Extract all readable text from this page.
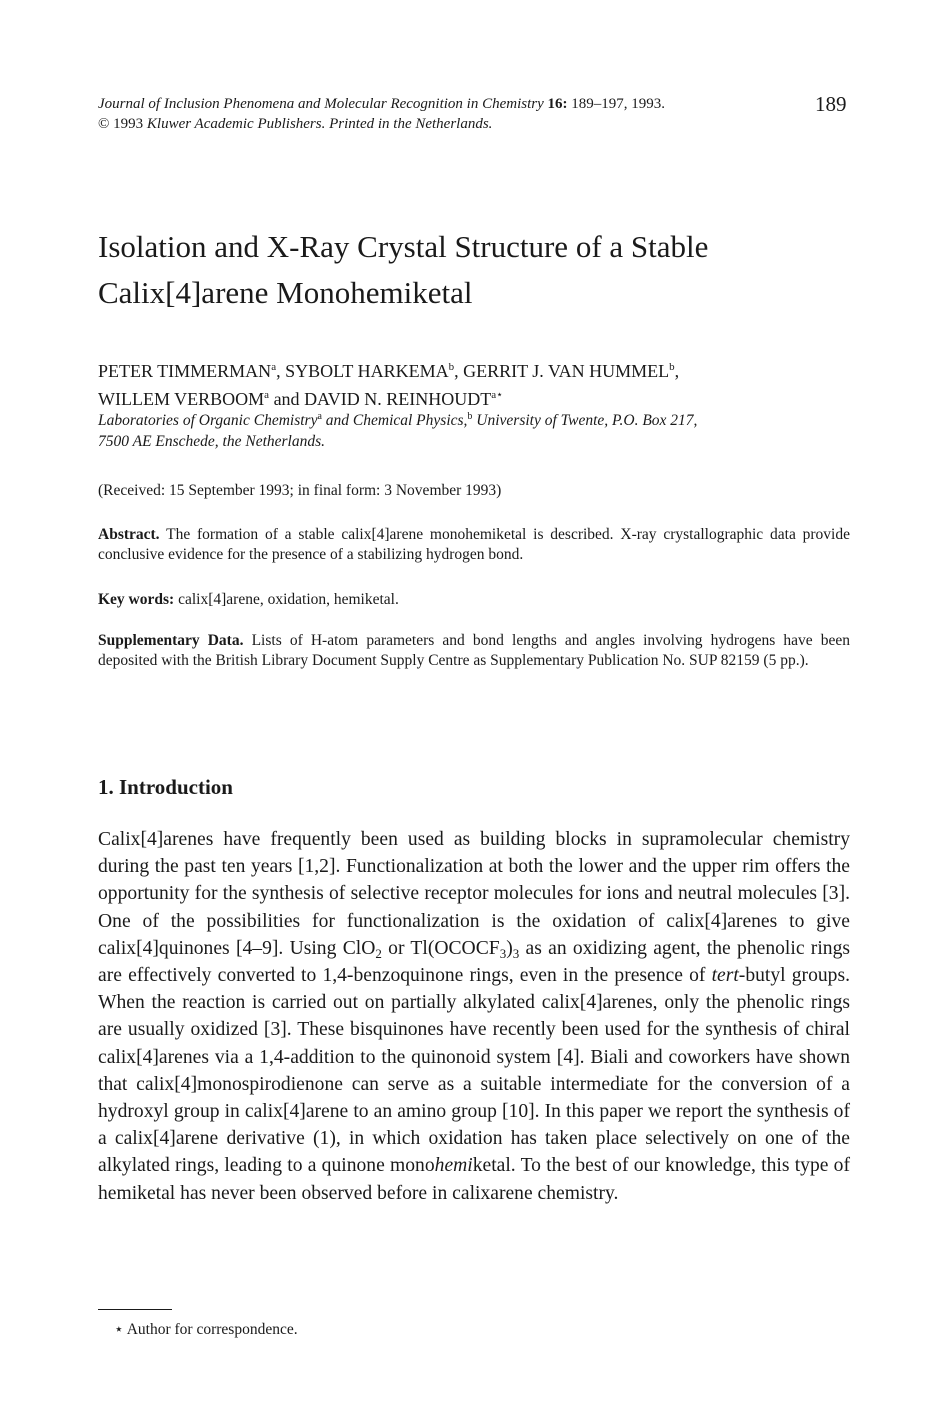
Journal of Inclusion Phenomena and Molecular Recognition in Chemistry 16: 189–197, 1993.
© 1993 Kluwer Academic Publishers. Printed in the Netherlands.
189
Isolation and X-Ray Crystal Structure of a Stable
Calix[4]arene Monohemiketal
PETER TIMMERMAN$^a$, SYBOLT HARKEMA$^b$, GERRIT J. VAN HUMMEL$^b$,
WILLEM VERBOOM$^a$ and DAVID N. $REINHOUDT^{a⋆}$
Laboratories of Organic Chemistry$^a$ and Chemical Physics,$^b$ University of Twente, P.O. Box 217,
7500 AE Enschede, the Netherlands.
(Received: 15 September 1993; in final form: 3 November 1993)
Abstract. The formation of a stable calix[4]arene monohemiketal is described. X-ray crystallographic data provide conclusive evidence for the presence of a stabilizing hydrogen bond.
Key words: calix[4]arene, oxidation, hemiketal.
Supplementary Data. Lists of H-atom parameters and bond lengths and angles involving hydrogens have been deposited with the British Library Document Supply Centre as Supplementary Publication No. SUP 82159 (5 pp.).
1. Introduction
Calix[4]arenes have frequently been used as building blocks in supramolecular chemistry during the past ten years [1,2]. Functionalization at both the lower and the upper rim offers the opportunity for the synthesis of selective receptor molecules for ions and neutral molecules [3]. One of the possibilities for functionalization is the oxidation of calix[4]arenes to give calix[4]quinones [4–9]. Using ClO$_2$ or $Tl(OCOCF_3)_3$ as an oxidizing agent, the phenolic rings are effectively converted to 1,4-benzoquinone rings, even in the presence of tert-butyl groups. When the reaction is carried out on partially alkylated calix[4]arenes, only the phenolic rings are usually oxidized [3]. These bisquinones have recently been used for the synthesis of chiral calix[4]arenes via a 1,4-addition to the quinonoid system [4]. Biali and coworkers have shown that calix[4]monospirodienone can serve as a suitable intermediate for the conversion of a hydroxyl group in calix[4]arene to an amino group [10]. In this paper we report the synthesis of a calix[4]arene derivative (1), in which oxidation has taken place selectively on one of the alkylated rings, leading to a quinone monohemiketal. To the best of our knowledge, this type of hemiketal has never been observed before in calixarene chemistry.
⋆ Author for correspondence.
